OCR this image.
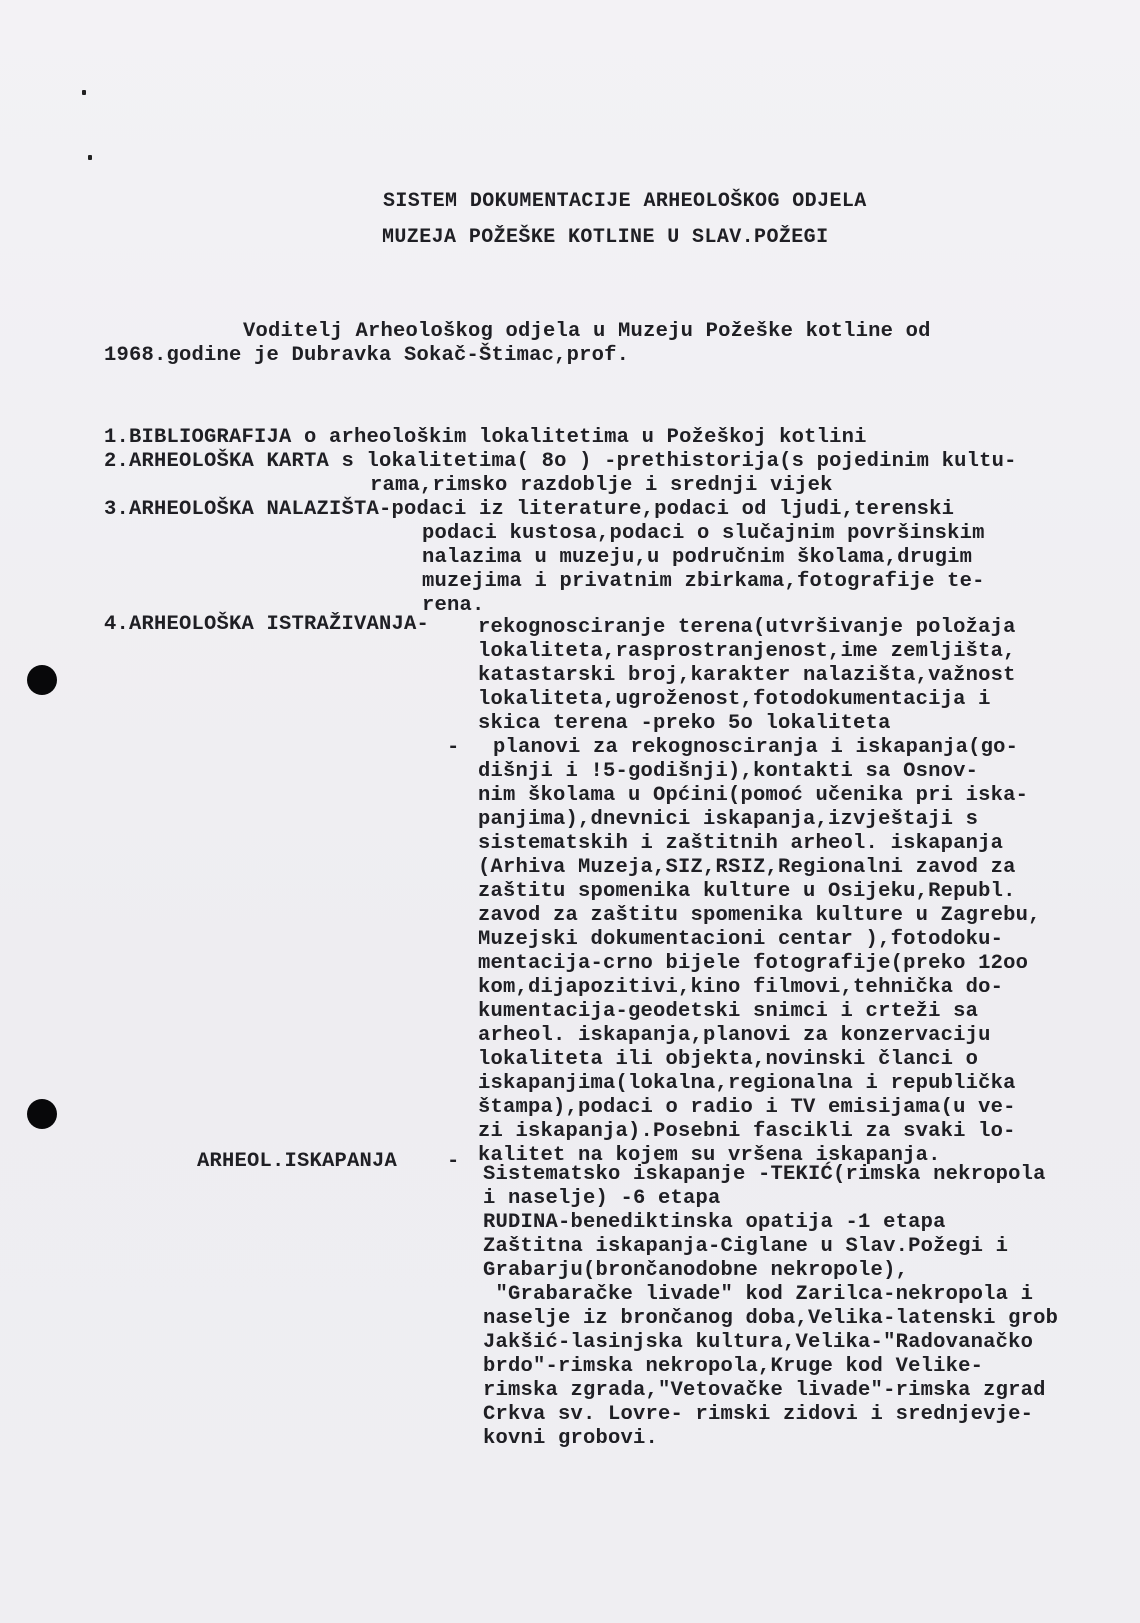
SISTEM DOKUMENTACIJE ARHEOLOŠKOG ODJELA
MUZEJA POŽEŠKE KOTLINE U SLAV.POŽEGI
Voditelj Arheološkog odjela u Muzeju Požeške kotline od
1968.godine je Dubravka Sokač-Štimac,prof.
1.BIBLIOGRAFIJA o arheološkim lokalitetima u Požeškoj kotlini
2.ARHEOLOŠKA KARTA s lokalitetima( 8o ) -prethistorija(s pojedinim kultu-
rama,rimsko razdoblje i srednji vijek
3.ARHEOLOŠKA NALAZIŠTA-podaci iz literature,podaci od ljudi,terenski
podaci kustosa,podaci o slučajnim površinskim
nalazima u muzeju,u područnim školama,drugim
muzejima i privatnim zbirkama,fotografije te-
rena.
4.ARHEOLOŠKA ISTRAŽIVANJA- rekognosciranje terena(utvršivanje položaja
lokaliteta,rasprostranjenost,ime zemljišta,
katastarski broj,karakter nalazišta,važnost
lokaliteta,ugroženost,fotodokumentacija i
skica terena -preko 5o lokaliteta
- planovi za rekognosciranja i iskapanja(go-
dišnji i !5-godišnji),kontakti sa Osnov-
nim školama u Općini(pomoć učenika pri iska-
panjima),dnevnici iskapanja,izvještaji s
sistematskih i zaštitnih arheol. iskapanja
(Arhiva Muzeja,SIZ,RSIZ,Regionalni zavod za
zaštitu spomenika kulture u Osijeku,Republ.
zavod za zaštitu spomenika kulture u Zagrebu,
Muzejski dokumentacioni centar ),fotodoku-
mentacija-crno bijele fotografije(preko 12oo
kom,dijapozitivi,kino filmovi,tehnička do-
kumentacija-geodetski snimci i crteži sa
arheol. iskapanja,planovi za konzervaciju
lokaliteta ili objekta,novinski članci o
iskapanjima(lokalna,regionalna i republička
štampa),podaci o radio i TV emisijama(u ve-
zi iskapanja).Posebni fascikli za svaki lo-
kalitet na kojem su vršena iskapanja.
ARHEOL.ISKAPANJA -
Sistematsko iskapanje -TEKIĆ(rimska nekropola
i naselje) -6 etapa
RUDINA-benediktinska opatija -1 etapa
Zaštitna iskapanja-Ciglane u Slav.Požegi i
Grabarju(brončanodobne nekropole),
"Grabaračke livade" kod Zarilca-nekropola i
naselje iz brončanog doba,Velika-latenski grob
Jakšić-lasinjska kultura,Velika-"Radovanačko
brdo"-rimska nekropola,Kruge kod Velike-
rimska zgrada,"Vetovačke livade"-rimska zgrad
Crkva sv. Lovre- rimski zidovi i srednjevje-
kovni grobovi.
